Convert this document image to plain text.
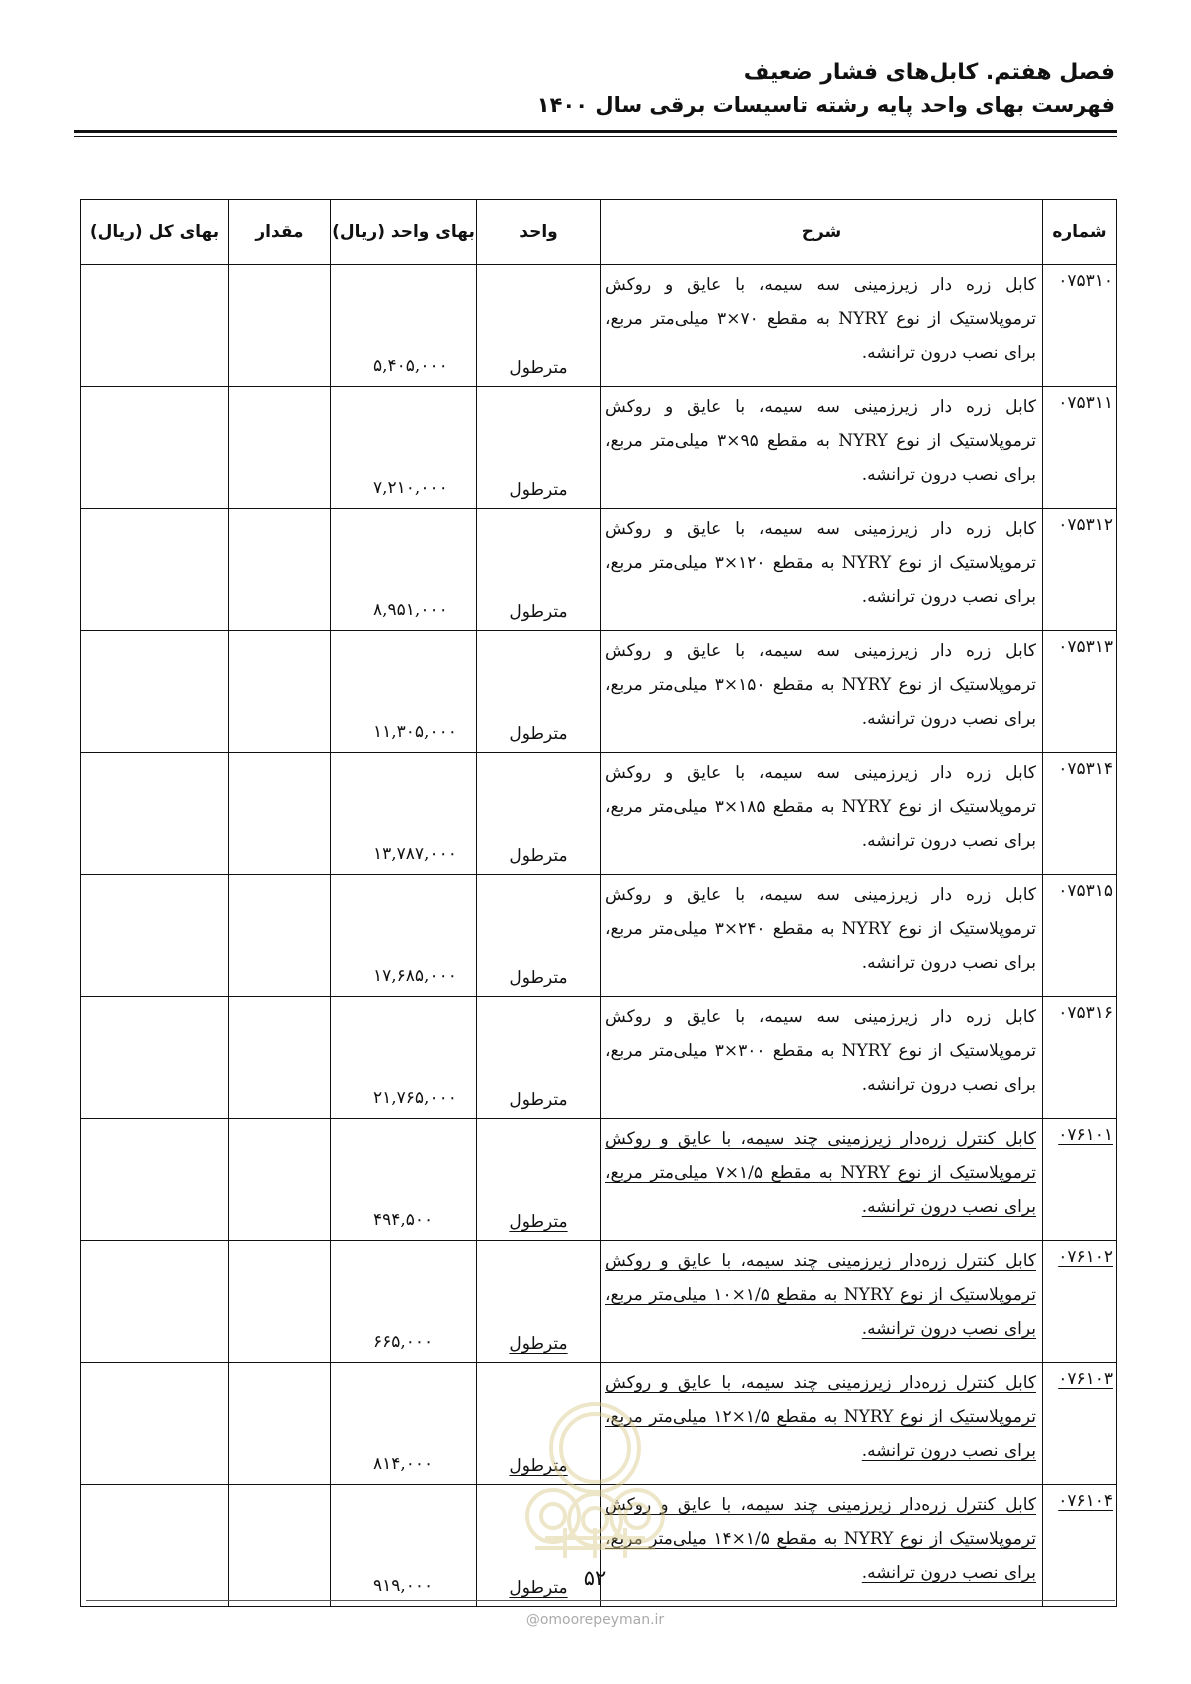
فصل هفتم. کابل‌های فشار ضعیف
فهرست بهای واحد پایه رشته تاسیسات برقی سال ۱۴۰۰
شماره	شرح	واحد	بهای واحد (ریال)	مقدار	بهای کل (ریال)
۰۷۵۳۱۰	کابل زره دار زیرزمینی سه سیمه، با عایق و روکش ترموپلاستیک از نوع NYRY به مقطع ۷۰×۳ میلی‌متر مربع، برای نصب درون ترانشه.	مترطول	۵,۴۰۵,۰۰۰		
۰۷۵۳۱۱	کابل زره دار زیرزمینی سه سیمه، با عایق و روکش ترموپلاستیک از نوع NYRY به مقطع ۹۵×۳ میلی‌متر مربع، برای نصب درون ترانشه.	مترطول	۷,۲۱۰,۰۰۰		
۰۷۵۳۱۲	کابل زره دار زیرزمینی سه سیمه، با عایق و روکش ترموپلاستیک از نوع NYRY به مقطع ۱۲۰×۳ میلی‌متر مربع، برای نصب درون ترانشه.	مترطول	۸,۹۵۱,۰۰۰		
۰۷۵۳۱۳	کابل زره دار زیرزمینی سه سیمه، با عایق و روکش ترموپلاستیک از نوع NYRY به مقطع ۱۵۰×۳ میلی‌متر مربع، برای نصب درون ترانشه.	مترطول	۱۱,۳۰۵,۰۰۰		
۰۷۵۳۱۴	کابل زره دار زیرزمینی سه سیمه، با عایق و روکش ترموپلاستیک از نوع NYRY به مقطع ۱۸۵×۳ میلی‌متر مربع، برای نصب درون ترانشه.	مترطول	۱۳,۷۸۷,۰۰۰		
۰۷۵۳۱۵	کابل زره دار زیرزمینی سه سیمه، با عایق و روکش ترموپلاستیک از نوع NYRY به مقطع ۲۴۰×۳ میلی‌متر مربع، برای نصب درون ترانشه.	مترطول	۱۷,۶۸۵,۰۰۰		
۰۷۵۳۱۶	کابل زره دار زیرزمینی سه سیمه، با عایق و روکش ترموپلاستیک از نوع NYRY به مقطع ۳۰۰×۳ میلی‌متر مربع، برای نصب درون ترانشه.	مترطول	۲۱,۷۶۵,۰۰۰		
۰۷۶۱۰۱	کابل کنترل زره‌دار زیرزمینی چند سیمه، با عایق و روکش ترموپلاستیک از نوع NYRY به مقطع ۱/۵×۷ میلی‌متر مربع، برای نصب درون ترانشه.	مترطول	۴۹۴,۵۰۰		
۰۷۶۱۰۲	کابل کنترل زره‌دار زیرزمینی چند سیمه، با عایق و روکش ترموپلاستیک از نوع NYRY به مقطع ۱/۵×۱۰ میلی‌متر مربع، برای نصب درون ترانشه.	مترطول	۶۶۵,۰۰۰		
۰۷۶۱۰۳	کابل کنترل زره‌دار زیرزمینی چند سیمه، با عایق و روکش ترموپلاستیک از نوع NYRY به مقطع ۱/۵×۱۲ میلی‌متر مربع، برای نصب درون ترانشه.	مترطول	۸۱۴,۰۰۰		
۰۷۶۱۰۴	کابل کنترل زره‌دار زیرزمینی چند سیمه، با عایق و روکش ترموپلاستیک از نوع NYRY به مقطع ۱/۵×۱۴ میلی‌متر مربع، برای نصب درون ترانشه.	مترطول	۹۱۹,۰۰۰			۵۲
@omoorepeyman.ir
